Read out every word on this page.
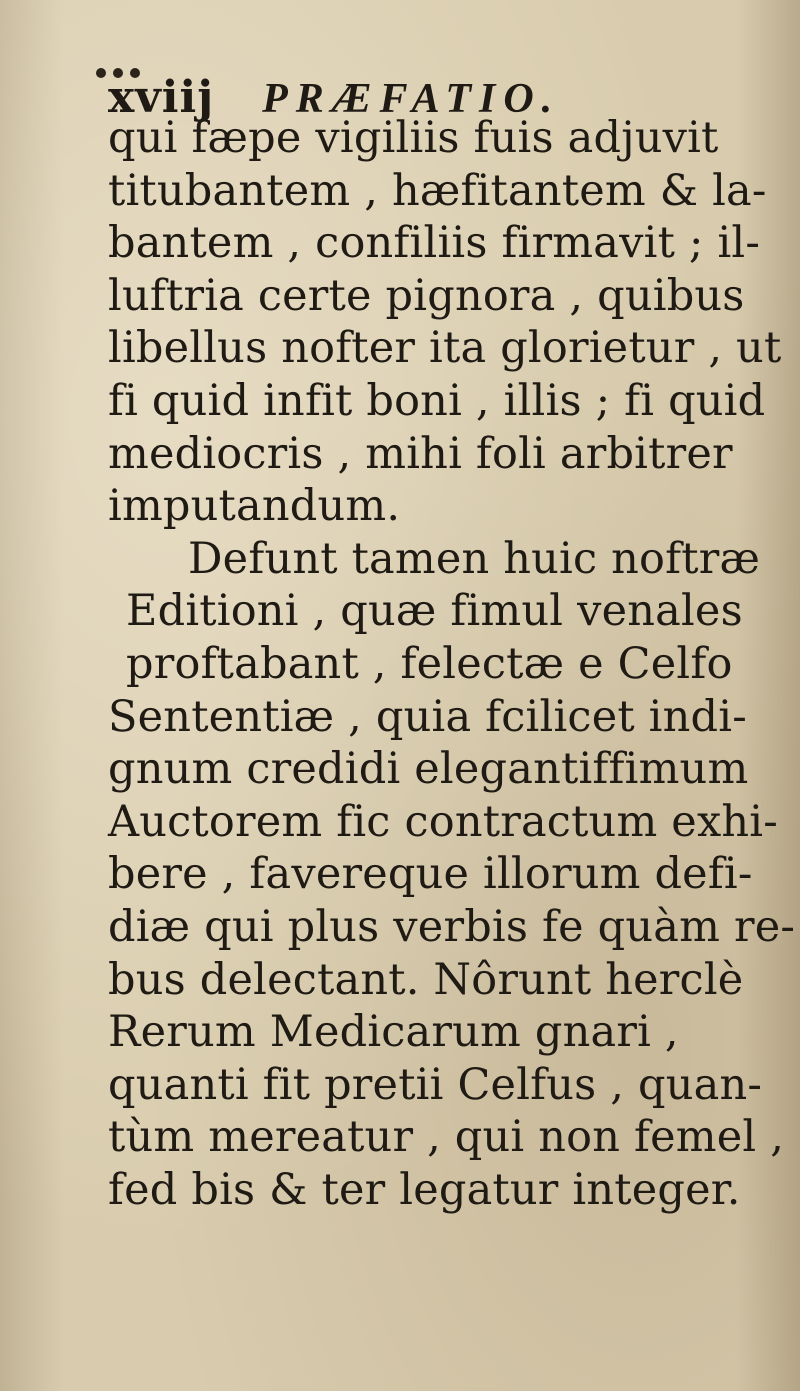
xviij PRÆFATIO.
qui fæpe vigiliis fuis adjuvit
titubantem , hæfitantem & la-
bantem , confiliis firmavit ; il-
luftria certe pignora , quibus
libellus nofter ita glorietur , ut
fi quid infit boni , illis ; fi quid
mediocris , mihi foli arbitrer
imputandum.
Defunt tamen huic noftræ
Editioni , quæ fimul venales
proftabant , felectæ e Celfo
Sententiæ , quia fcilicet indi-
gnum credidi elegantiffimum
Auctorem fic contractum exhi-
bere , favereque illorum defi-
diæ qui plus verbis fe quàm re-
bus delectant. Nôrunt herclè
Rerum Medicarum gnari ,
quanti fit pretii Celfus , quan-
tùm mereatur , qui non femel ,
fed bis & ter legatur integer.
